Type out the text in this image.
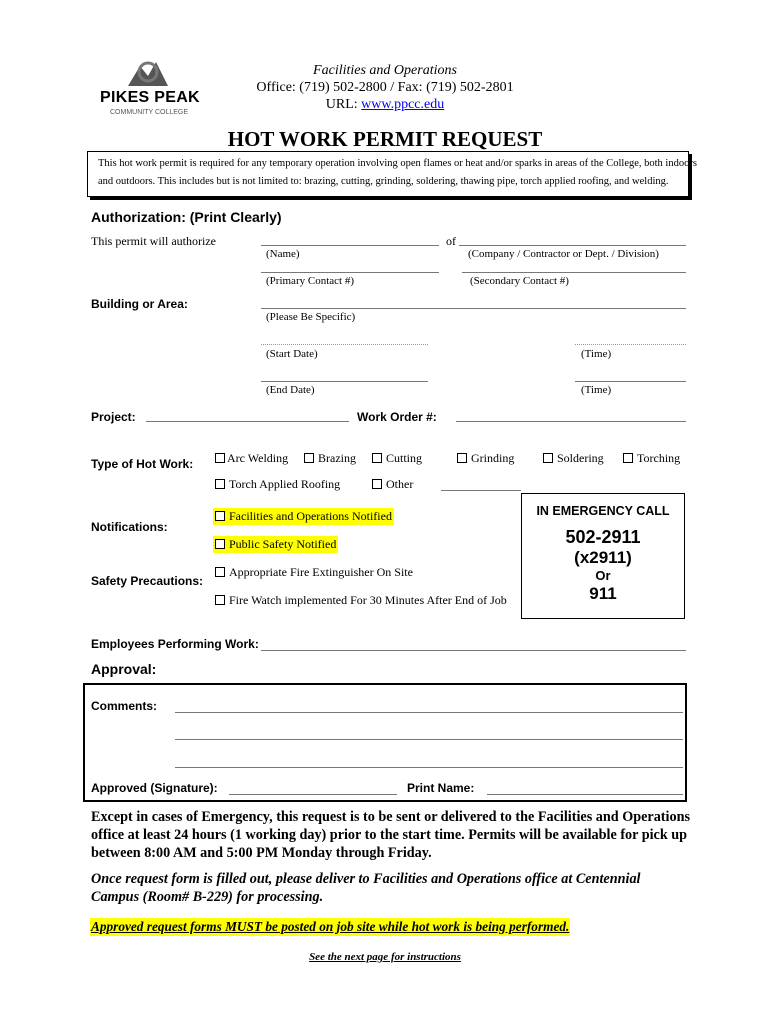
PIKES PEAK
COMMUNITY COLLEGE
Facilities and Operations
Office: (719) 502-2800 / Fax: (719) 502-2801
URL: www.ppcc.edu
HOT WORK PERMIT REQUEST
This hot work permit is required for any temporary operation involving open flames or heat and/or sparks in areas of the College, both indoors
and outdoors. This includes but is not limited to: brazing, cutting, grinding, soldering, thawing pipe, torch applied roofing, and welding.
Authorization: (Print Clearly)
This permit will authorize	of
(Name)	(Company / Contractor or Dept. / Division)
(Primary Contact #)	(Secondary Contact #)
Building or Area:
(Please Be Specific)
(Start Date)	(Time)
(End Date)	(Time)
Project:	Work Order #:
Type of Hot Work:	Arc Welding Brazing	Cutting	Grinding	Soldering	Torching
Torch Applied Roofing	Other
Notifications:
Facilities and Operations Notified
Public Safety Notified
Safety Precautions:
Appropriate Fire Extinguisher On Site
Fire Watch implemented For 30 Minutes After End of Job
IN EMERGENCY CALL
502-2911
(x2911)
Or
911
Employees Performing Work:
Approval:
Comments:
Approved (Signature):	Print Name:
Except in cases of Emergency, this request is to be sent or delivered to the Facilities and Operations office at least 24 hours (1 working day) prior to the start time. Permits will be available for pick up between 8:00 AM and 5:00 PM Monday through Friday.
Once request form is filled out, please deliver to Facilities and Operations office at Centennial Campus (Room# B-229) for processing.
Approved request forms MUST be posted on job site while hot work is being performed.
See the next page for instructions
